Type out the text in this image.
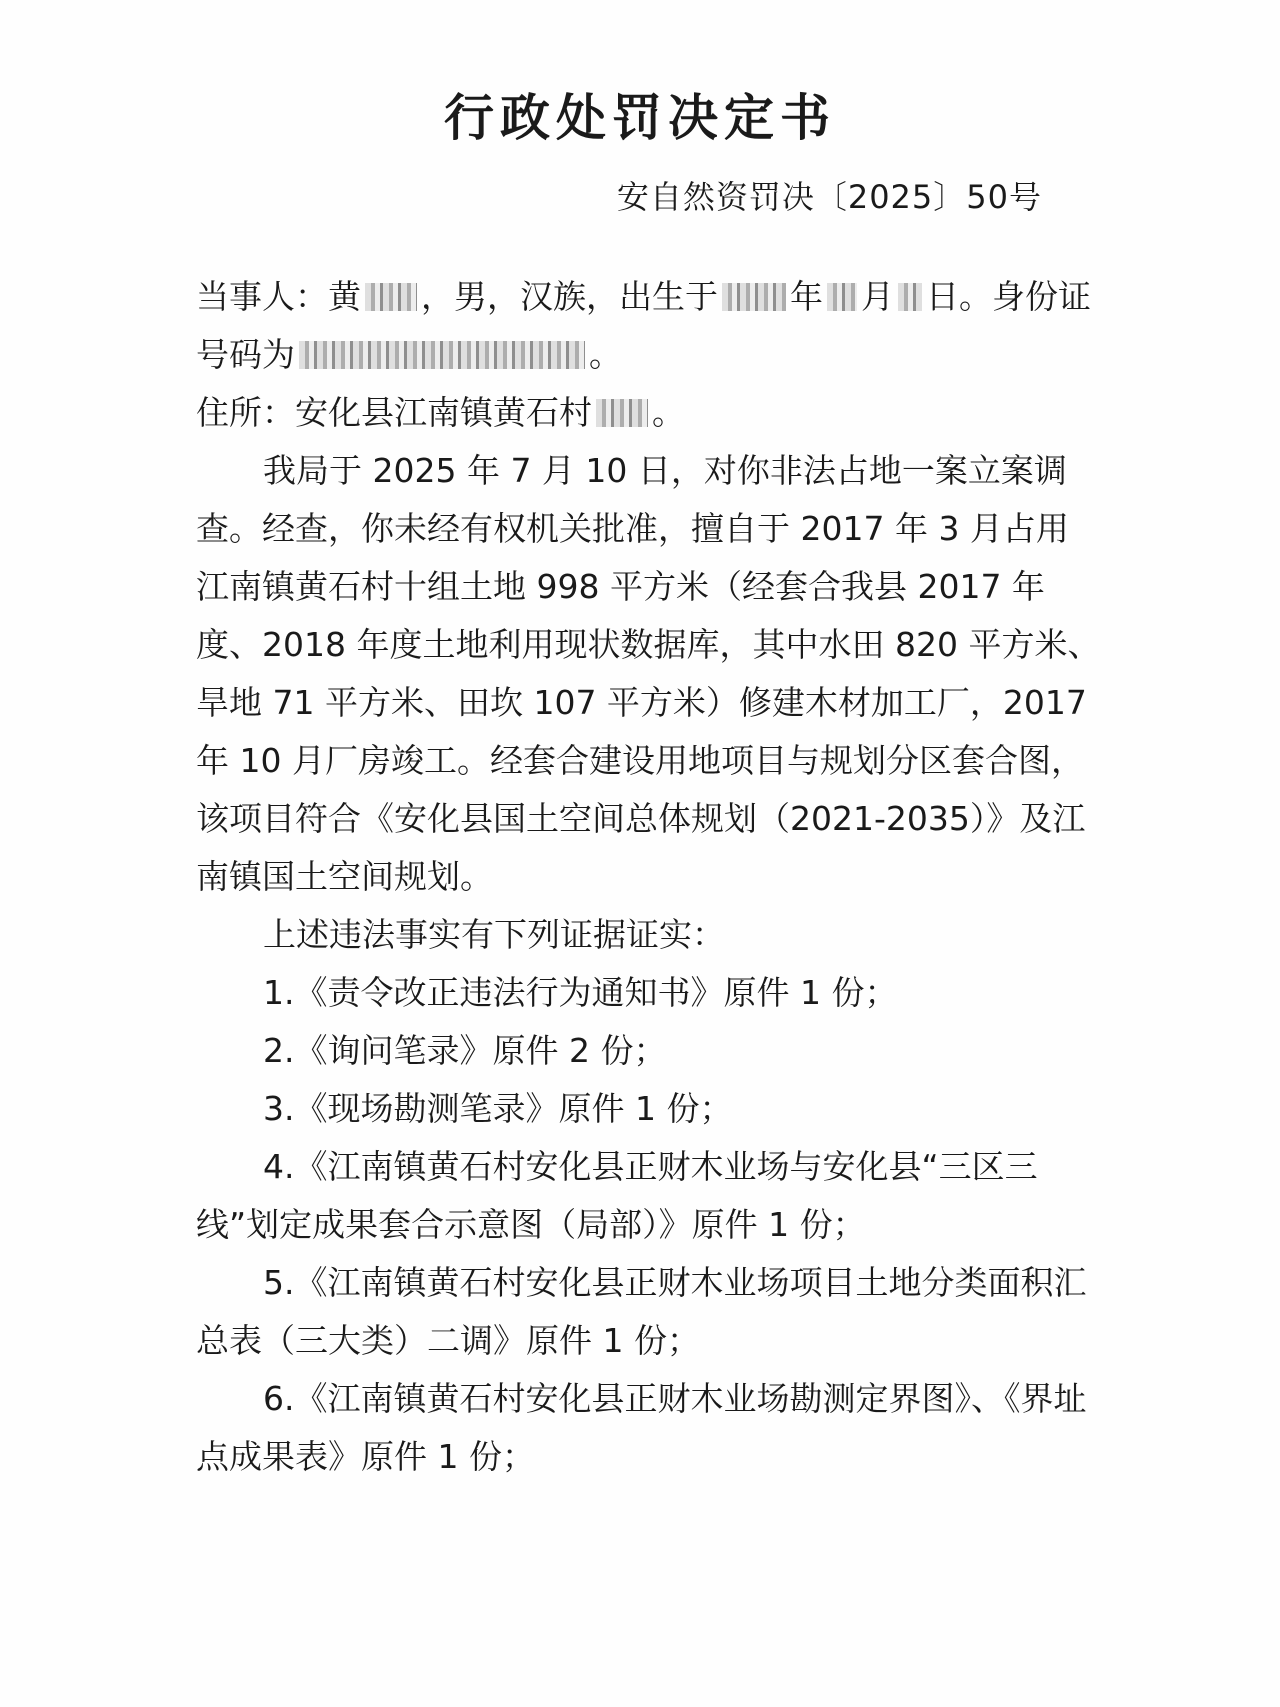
行政处罚决定书
安自然资罚决〔2025〕50号

当事人：黄 ，男，汉族，出生于 年 月 日。身份证号码为	。

住所：安化县江南镇黄石村 。

我局于 2025 年 7 月 10 日，对你非法占地一案立案调查。经查，你未经有权机关批准，擅自于 2017 年 3 月占用江南镇黄石村十组土地 998 平方米（经套合我县 2017 年度、2018 年度土地利用现状数据库，其中水田 820 平方米、旱地 71 平方米、田坎 107 平方米）修建木材加工厂，2017 年 10 月厂房竣工。经套合建设用地项目与规划分区套合图，该项目符合《安化县国土空间总体规划（2021-2035）》及江南镇国土空间规划。

上述违法事实有下列证据证实：

1.《责令改正违法行为通知书》原件 1 份；

2.《询问笔录》原件 2 份；

3.《现场勘测笔录》原件 1 份；

4.《江南镇黄石村安化县正财木业场与安化县“三区三线”划定成果套合示意图（局部）》原件 1 份；

5.《江南镇黄石村安化县正财木业场项目土地分类面积汇总表（三大类）二调》原件 1 份；

6.《江南镇黄石村安化县正财木业场勘测定界图》、《界址点成果表》原件 1 份；
